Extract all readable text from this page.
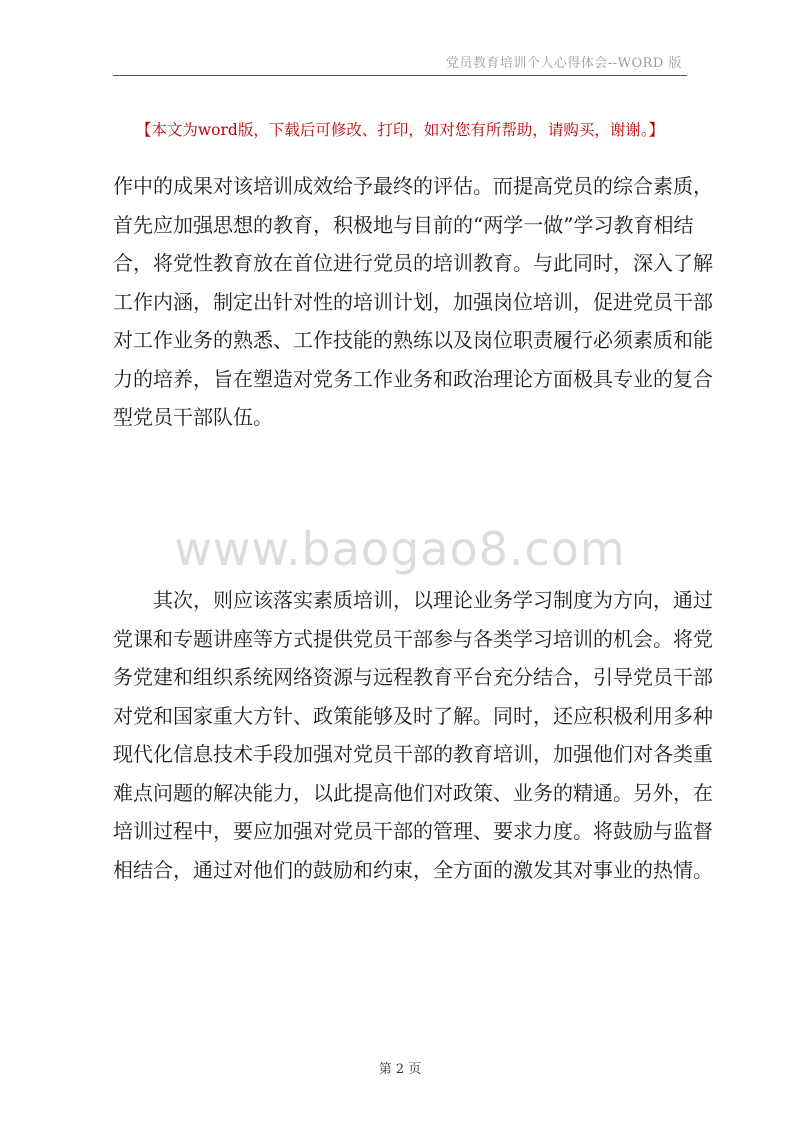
党员教育培训个人心得体会--WORD 版
【本文为word版，下载后可修改、打印，如对您有所帮助，请购买，谢谢。】
作中的成果对该培训成效给予最终的评估。而提高党员的综合素质，
首先应加强思想的教育，积极地与目前的“两学一做”学习教育相结
合，将党性教育放在首位进行党员的培训教育。与此同时，深入了解
工作内涵，制定出针对性的培训计划，加强岗位培训，促进党员干部
对工作业务的熟悉、工作技能的熟练以及岗位职责履行必须素质和能
力的培养，旨在塑造对党务工作业务和政治理论方面极具专业的复合
型党员干部队伍。
www.baogao8.com
其次，则应该落实素质培训，以理论业务学习制度为方向，通过
党课和专题讲座等方式提供党员干部参与各类学习培训的机会。将党
务党建和组织系统网络资源与远程教育平台充分结合，引导党员干部
对党和国家重大方针、政策能够及时了解。同时，还应积极利用多种
现代化信息技术手段加强对党员干部的教育培训，加强他们对各类重
难点问题的解决能力，以此提高他们对政策、业务的精通。另外，在
培训过程中，要应加强对党员干部的管理、要求力度。将鼓励与监督
相结合，通过对他们的鼓励和约束，全方面的激发其对事业的热情。
第 2 页
